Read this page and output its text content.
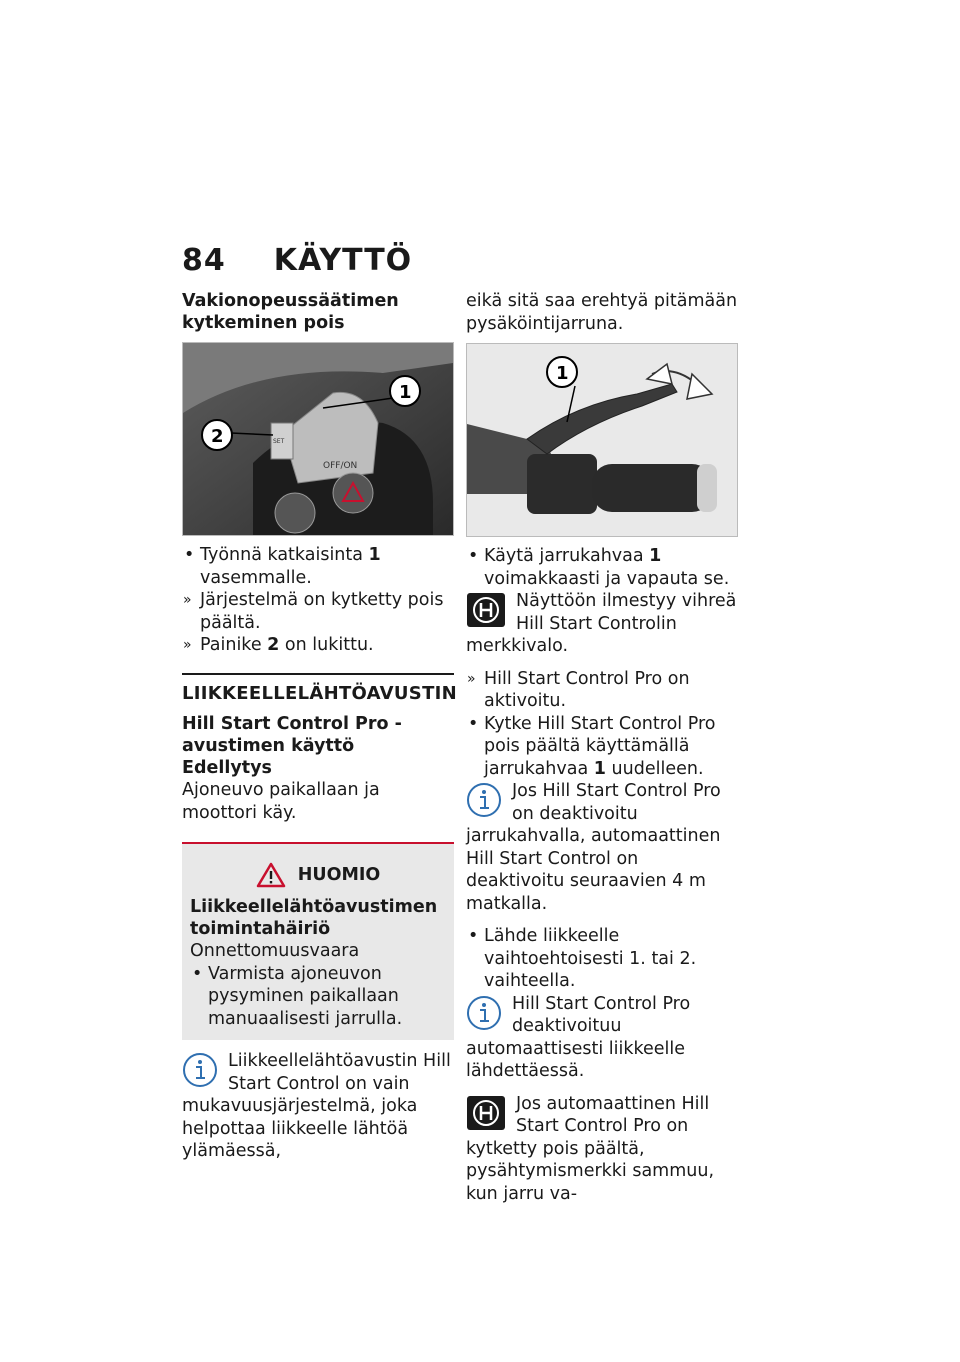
84 KÄYTTÖ
Vakionopeussäätimen kytkeminen pois
OFF/ON
SET
1
2
• Työnnä katkaisinta 1 vasemmalle.
» Järjestelmä on kytketty pois päältä.
» Painike 2 on lukittu.
LIIKKEELLELÄHTÖAVUSTIN
Hill Start Control Pro -avustimen käyttö
Edellytys

Ajoneuvo paikallaan ja moottori käy.

HUOMIO
Liikkeellelähtöavustimen toimintahäiriö
Onnettomuusvaara
• Varmista ajoneuvon pysyminen paikallaan manuaalisesti jarrulla.
Liikkeellelähtöavustin Hill Start Control on vain mukavuusjärjestelmä, joka helpottaa liikkeelle lähtöä ylämäessä,

eikä sitä saa erehtyä pitämään pysäköintijarruna.

1
• Käytä jarrukahvaa 1 voimakkaasti ja vapauta se.
Näyttöön ilmestyy vihreä Hill Start Controlin merkkivalo.
» Hill Start Control Pro on aktivoitu.
• Kytke Hill Start Control Pro pois päältä käyttämällä jarrukahvaa 1 uudelleen.
Jos Hill Start Control Pro on deaktivoitu jarrukahvalla, automaattinen Hill Start Control on deaktivoitu seuraavien 4 m matkalla.
• Lähde liikkeelle vaihtoehtoisesti 1. tai 2. vaihteella.
Hill Start Control Pro deaktivoituu automaattisesti liikkeelle lähdettäessä.
Jos automaattinen Hill Start Control Pro on kytketty pois päältä, pysähtymismerkki sammuu, kun jarru va-
